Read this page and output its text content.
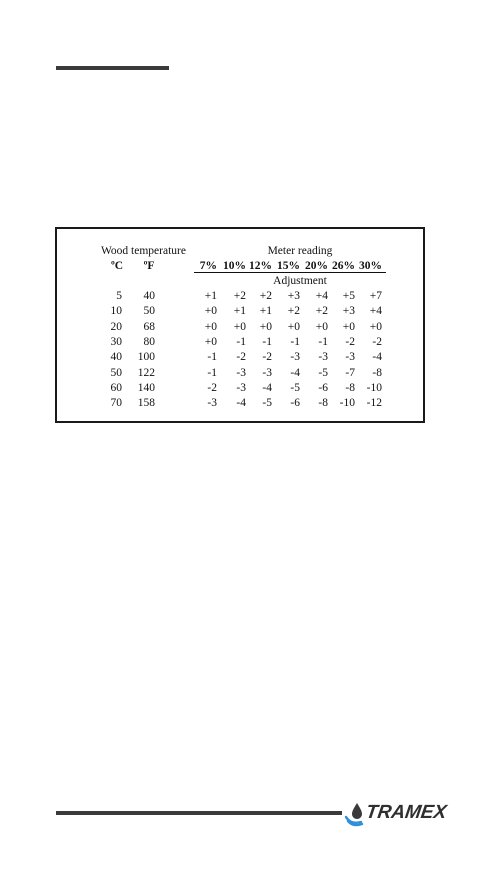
Wood temperature	Meter reading
ºC	ºF	7% 10% 12% 15% 20% 26% 30%
Adjustment
5	40	+1	+2	+2	+3	+4	+5	+7
10	50	+0	+1	+1	+2	+2	+3	+4
20	68	+0	+0	+0	+0	+0	+0	+0
30	80	+0	-1	-1	-1	-1	-2	-2
40	100	-1	-2	-2	-3	-3	-3	-4
50	122	-1	-3	-3	-4	-5	-7	-8
60	140	-2	-3	-4	-5	-6	-8	-10
70	158	-3	-4	-5	-6	-8	-10	-12
TRAMEX
